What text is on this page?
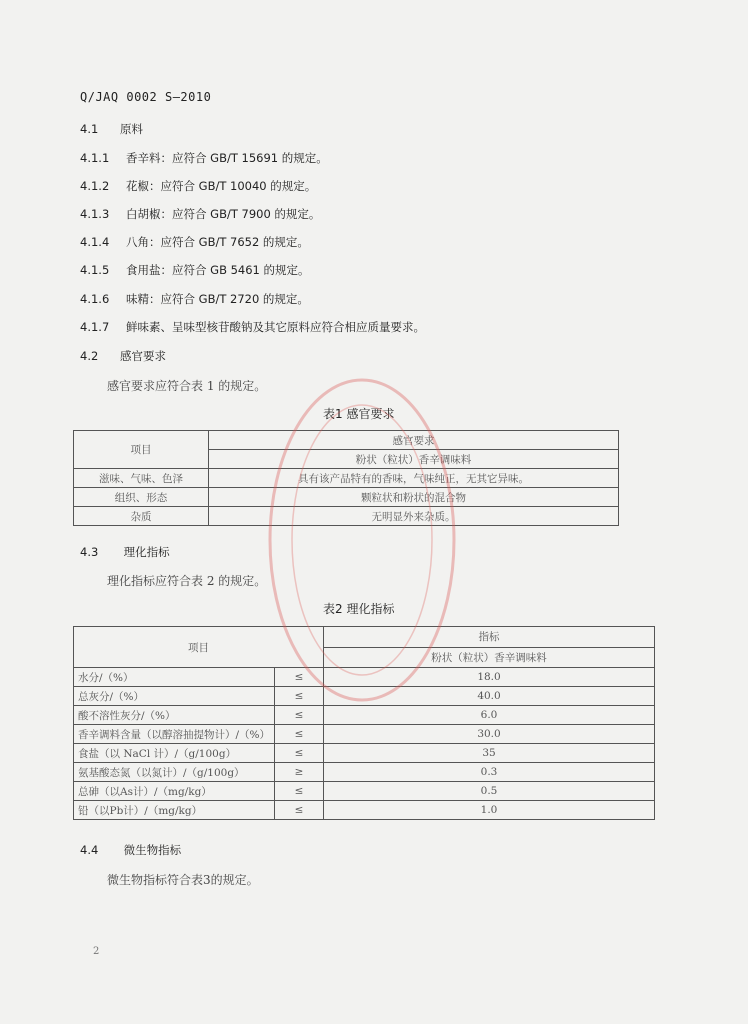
Q/JAQ 0002 S—2010
4.1 原料
4.1.1 香辛料：应符合 GB/T 15691 的规定。
4.1.2 花椒：应符合 GB/T 10040 的规定。
4.1.3 白胡椒：应符合 GB/T 7900 的规定。
4.1.4 八角：应符合 GB/T 7652 的规定。
4.1.5 食用盐：应符合 GB 5461 的规定。
4.1.6 味精：应符合 GB/T 2720 的规定。
4.1.7 鲜味素、呈味型核苷酸钠及其它原料应符合相应质量要求。
4.2 感官要求
感官要求应符合表 1 的规定。
表1 感官要求
项目	感官要求
	粉状（粒状）香辛调味料
滋味、气味、色泽	具有该产品特有的香味，气味纯正，无其它异味。
组织、形态	颗粒状和粉状的混合物
杂质	无明显外来杂质。
4.3 理化指标
理化指标应符合表 2 的规定。
表2 理化指标
项目		指标
		粉状（粒状）香辛调味料
水分/（%）	≤	18.0
总灰分/（%）	≤	40.0
酸不溶性灰分/（%）	≤	6.0
香辛调料含量（以醇溶抽提物计）/（%）	≤	30.0
食盐（以 NaCl 计）/（g/100g）	≤	35
氨基酸态氮（以氮计）/（g/100g）	≥	0.3
总砷（以As计）/（mg/kg）	≤	0.5
铅（以Pb计）/（mg/kg）	≤	1.0
4.4 微生物指标
微生物指标符合表3的规定。
2
